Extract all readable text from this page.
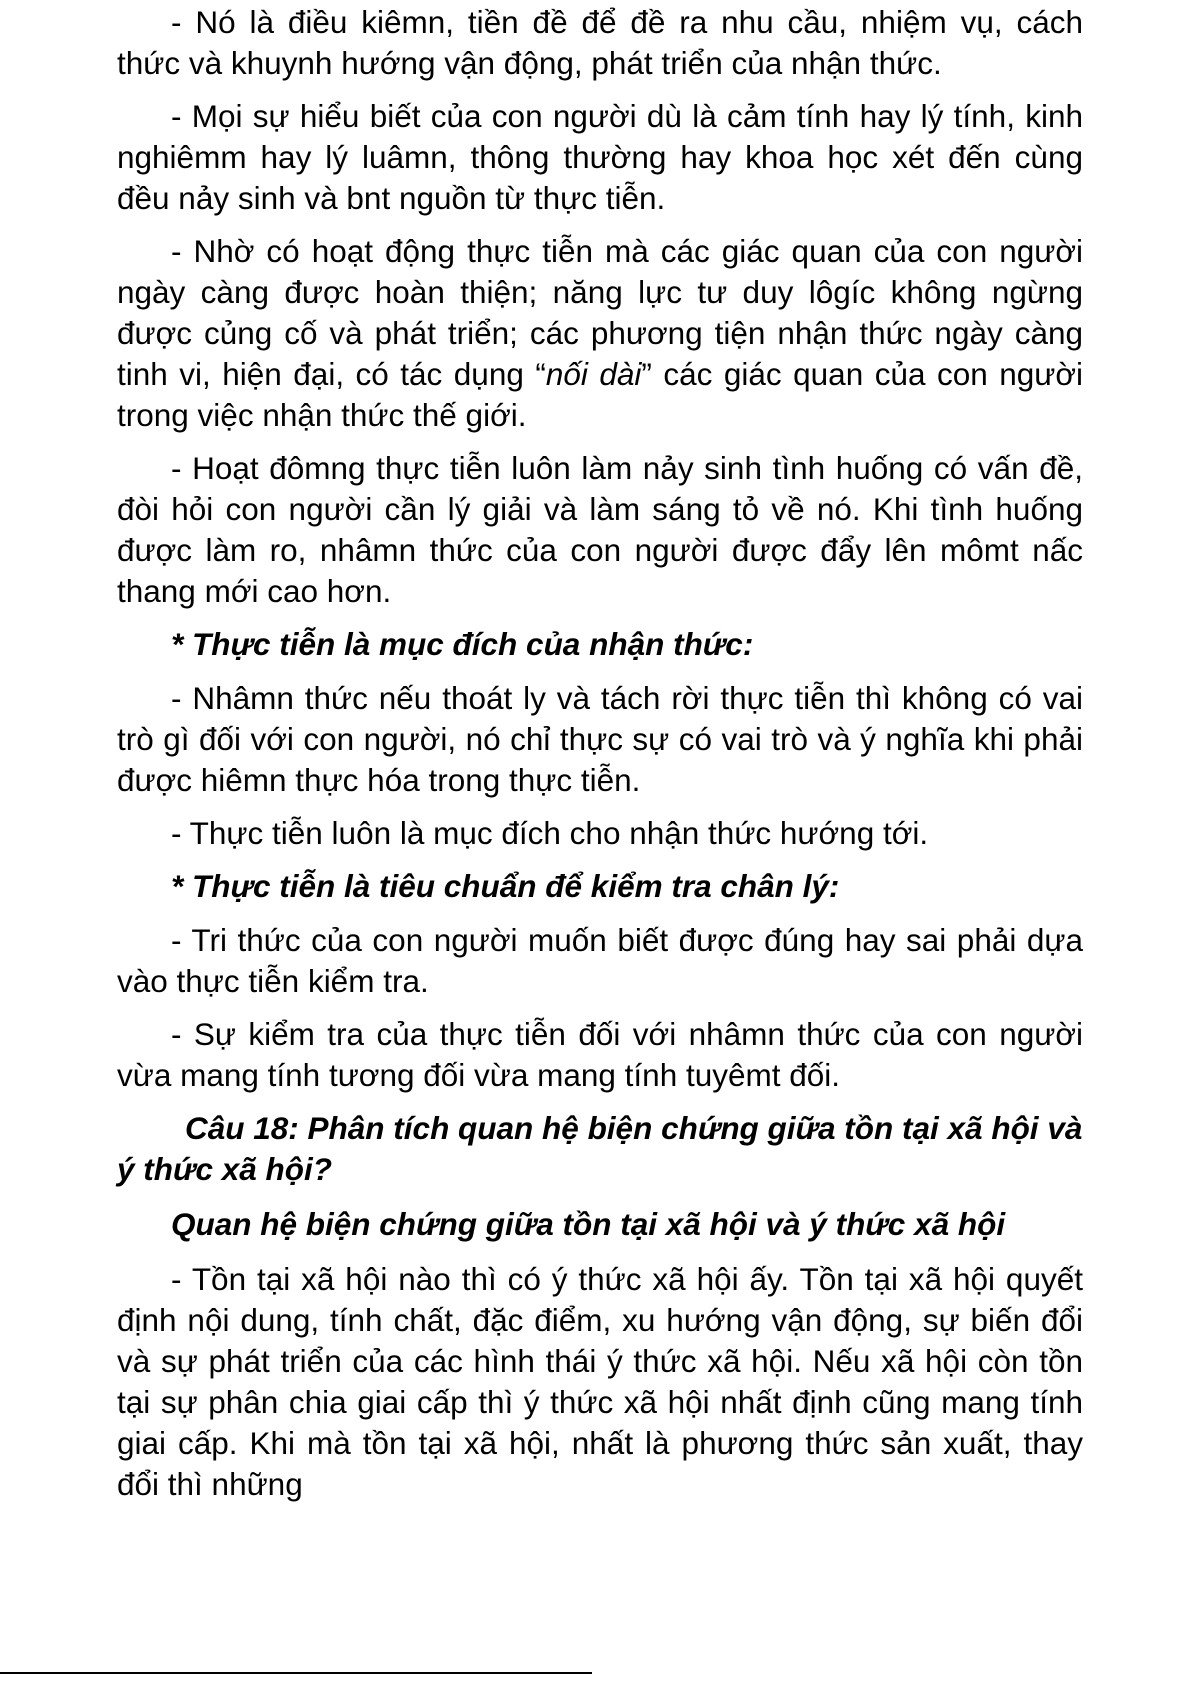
- Nó là điều kiêmn, tiền đề để đề ra nhu cầu, nhiệm vụ, cách thức và khuynh hướng vận động, phát triển của nhận thức.

- Mọi sự hiểu biết của con người dù là cảm tính hay lý tính, kinh nghiêmm hay lý luâmn, thông thường hay khoa học xét đến cùng đều nảy sinh và bnt nguồn từ thực tiễn.

- Nhờ có hoạt động thực tiễn mà các giác quan của con người ngày càng được hoàn thiện; năng lực tư duy lôgíc không ngừng được củng cố và phát triển; các phương tiện nhận thức ngày càng tinh vi, hiện đại, có tác dụng “nối dài” các giác quan của con người trong việc nhận thức thế giới.

- Hoạt đômng thực tiễn luôn làm nảy sinh tình huống có vấn đề, đòi hỏi con người cần lý giải và làm sáng tỏ về nó. Khi tình huống được làm ro, nhâmn thức của con người được đẩy lên mômt nấc thang mới cao hơn.

* Thực tiễn là mục đích của nhận thức:

- Nhâmn thức nếu thoát ly và tách rời thực tiễn thì không có vai trò gì đối với con người, nó chỉ thực sự có vai trò và ý nghĩa khi phải được hiêmn thực hóa trong thực tiễn.

- Thực tiễn luôn là mục đích cho nhận thức hướng tới.

* Thực tiễn là tiêu chuẩn để kiểm tra chân lý:

- Tri thức của con người muốn biết được đúng hay sai phải dựa vào thực tiễn kiểm tra.

- Sự kiểm tra của thực tiễn đối với nhâmn thức của con người vừa mang tính tương đối vừa mang tính tuyêmt đối.

Câu 18: Phân tích quan hệ biện chứng giữa tồn tại xã hội và ý thức xã hội?

Quan hệ biện chứng giữa tồn tại xã hội và ý thức xã hội

- Tồn tại xã hội nào thì có ý thức xã hội ấy. Tồn tại xã hội quyết định nội dung, tính chất, đặc điểm, xu hướng vận động, sự biến đổi và sự phát triển của các hình thái ý thức xã hội. Nếu xã hội còn tồn tại sự phân chia giai cấp thì ý thức xã hội nhất định cũng mang tính giai cấp. Khi mà tồn tại xã hội, nhất là phương thức sản xuất, thay đổi thì những
